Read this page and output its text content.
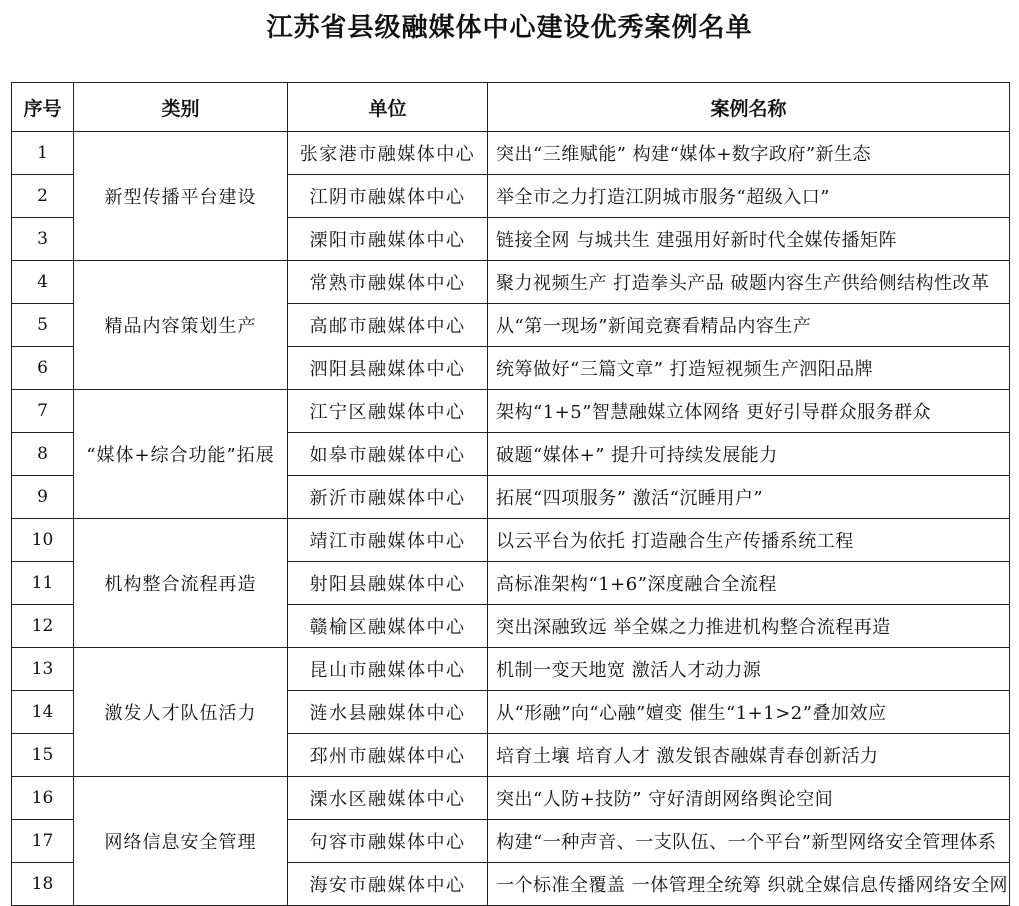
江苏省县级融媒体中心建设优秀案例名单
序号	类别	单位	案例名称
1	新型传播平台建设	张家港市融媒体中心	突出“三维赋能” 构建“媒体+数字政府”新生态
2		江阴市融媒体中心	举全市之力打造江阴城市服务“超级入口”
3		溧阳市融媒体中心	链接全网 与城共生 建强用好新时代全媒传播矩阵
4	精品内容策划生产	常熟市融媒体中心	聚力视频生产 打造拳头产品 破题内容生产供给侧结构性改革
5		高邮市融媒体中心	从“第一现场”新闻竞赛看精品内容生产
6		泗阳县融媒体中心	统筹做好“三篇文章” 打造短视频生产泗阳品牌
7	“媒体+综合功能”拓展	江宁区融媒体中心	架构“1+5”智慧融媒立体网络 更好引导群众服务群众
8		如皋市融媒体中心	破题“媒体+” 提升可持续发展能力
9		新沂市融媒体中心	拓展“四项服务” 激活“沉睡用户”
10	机构整合流程再造	靖江市融媒体中心	以云平台为依托 打造融合生产传播系统工程
11		射阳县融媒体中心	高标准架构“1+6”深度融合全流程
12		赣榆区融媒体中心	突出深融致远 举全媒之力推进机构整合流程再造
13	激发人才队伍活力	昆山市融媒体中心	机制一变天地宽 激活人才动力源
14		涟水县融媒体中心	从“形融”向“心融”嬗变 催生“1+1>2”叠加效应
15		邳州市融媒体中心	培育土壤 培育人才 激发银杏融媒青春创新活力
16	网络信息安全管理	溧水区融媒体中心	突出“人防+技防” 守好清朗网络舆论空间
17		句容市融媒体中心	构建“一种声音、一支队伍、一个平台”新型网络安全管理体系
18		海安市融媒体中心	一个标准全覆盖 一体管理全统筹 织就全媒信息传播网络安全网
